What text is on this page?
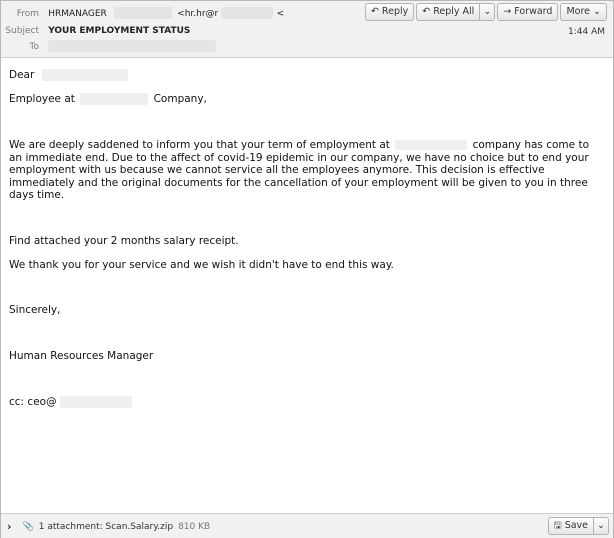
From HRMANAGER	<hr.hr@r	<
Subject YOUR EMPLOYMENT STATUS
To
↶ Reply ↶ Reply All ⌄ → Forward More ⌄
1:44 AM
Dear
Employee at	Company,
We are deeply saddened to inform you that your term of employment at	company has come to an immediate end. Due to the affect of covid-19 epidemic in our company, we have no choice but to end your employment with us because we cannot service all the employees anymore. This decision is effective immediately and the original documents for the cancellation of your employment will be given to you in three days time.
Find attached your 2 months salary receipt.
We thank you for your service and we wish it didn't have to end this way.
Sincerely,
Human Resources Manager
cc: ceo@
› 📎 1 attachment: Scan.Salary.zip 810 KB	🖫 Save ⌄
